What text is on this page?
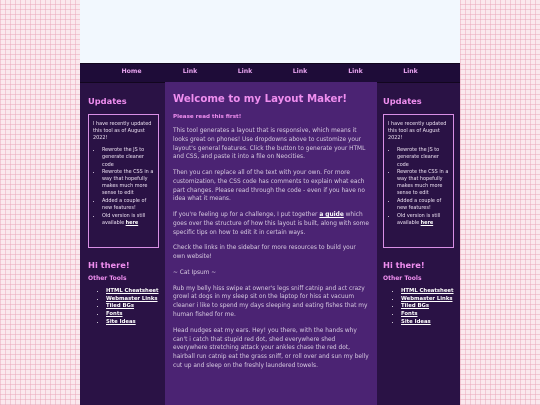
Home	Link	Link	Link	Link	Link
Updates
I have recently updated this tool as of August 2022!
• Rewrote the JS to generate cleaner code
• Rewrote the CSS in a way that hopefully makes much more sense to edit
• Added a couple of new features!
• Old version is still available here
Hi there!
Other Tools
• HTML Cheatsheet
• Webmaster Links
• Tiled BGs
• Fonts
• Site Ideas
Welcome to my Layout Maker!
Please read this first!

This tool generates a layout that is responsive, which means it looks great on phones! Use dropdowns above to customize your layout's general features. Click the button to generate your HTML and CSS, and paste it into a file on Neocities.

Then you can replace all of the text with your own. For more customization, the CSS code has comments to explain what each part changes. Please read through the code - even if you have no idea what it means.

If you're feeling up for a challenge, I put together a guide which goes over the structure of how this layout is built, along with some specific tips on how to edit it in certain ways.

Check the links in the sidebar for more resources to build your own website!

~ Cat Ipsum ~

Rub my belly hiss swipe at owner's legs sniff catnip and act crazy growl at dogs in my sleep sit on the laptop for hiss at vacuum cleaner i like to spend my days sleeping and eating fishes that my human fished for me.

Head nudges eat my ears. Hey! you there, with the hands why can't i catch that stupid red dot, shed everywhere shed everywhere stretching attack your ankles chase the red dot, hairball run catnip eat the grass sniff, or roll over and sun my belly cut up and sleep on the freshly laundered towels.

Updates
I have recently updated this tool as of August 2022!
• Rewrote the JS to generate cleaner code
• Rewrote the CSS in a way that hopefully makes much more sense to edit
• Added a couple of new features!
• Old version is still available here
Hi there!
Other Tools
• HTML Cheatsheet
• Webmaster Links
• Tiled BGs
• Fonts
• Site Ideas
